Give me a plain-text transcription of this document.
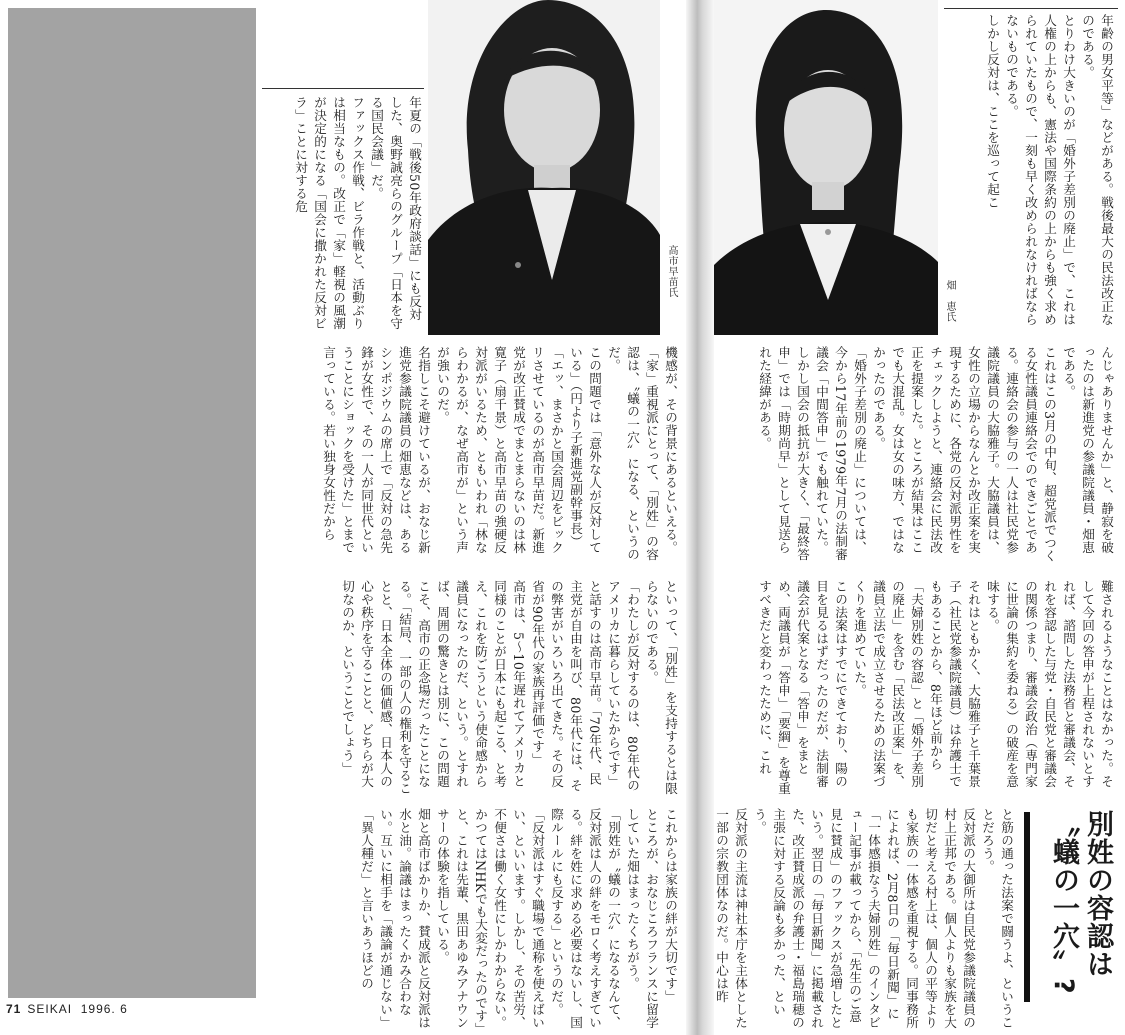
高市早苗氏
畑　恵氏	年齢の男女平等」などがある。戦後最大の民法改正なのである。
とりわけ大きいのが「婚外子差別の廃止」で、これは人権の上からも、憲法や国際条約の上からも強く求められていたもので、一刻も早く改められなければならないものである。
しかし反対は、ここを巡って起こ
んじゃありませんか」と、静寂を破ったのは新進党の参議院議員・畑恵である。
これはこの3月の中旬、超党派でつくる女性議員連絡会でのできごとである。連絡会の参与の一人は社民党参議院議員の大脇雅子。大脇議員は、女性の立場からなんとか改正案を実現するために、各党の反対派男性をチェックしようと、連絡会に民法改正を提案した。ところが結果はここでも大混乱。女は女の味方、ではなかったのである。
「婚外子差別の廃止」については、今から17年前の1979年7月の法制審議会「中間答申」でも触れていた。しかし国会の抵抗が大きく、「最終答申」では「時期尚早」として見送られた経緯がある。
難されるようなことはなかった。そして今回の答申が上程されないとすれば、諮問した法務省と審議会、それを容認した与党・自民党と審議会の関係つまり、審議会政治（専門家に世論の集約を委ねる）の破産を意味する。
それはともかく、大脇雅子と千葉景子（社民党参議院議員）は弁護士でもあることから、8年ほど前から「夫婦別姓の容認」と「婚外子差別の廃止」を含む「民法改正案」を、議員立法で成立させるための法案づくりを進めていた。
この法案はすでにできており、陽の目を見るはずだったのだが、法制審議会が代案となる「答申」をまとめ、両議員が「答申」「要綱」を尊重すべきだと変わったために、これ
と筋の通った法案で闘うよ、ということだろう。
反対派の大御所は自民党参議院議員の村上正邦である。個人よりも家族を大切だと考える村上は、個人の平等よりも家族の一体感を重視する。同事務所によれば、2月8日の「毎日新聞」に「一体感損なう夫婦別姓」のインタビュー記事が載ってから、「先生のご意見に賛成」のファックスが急増したという。翌日の「毎日新聞」に掲載された、改正賛成派の弁護士・福島瑞穂の主張に対する反論も多かった、という。
反対派の主流は神社本庁を主体とした一部の宗教団体なのだ。中心は昨	別姓の容認は〝蟻の一穴〟?
年夏の「戦後50年政府談話」にも反対した、奥野誠亮らのグループ「日本を守る国民会議」だ。
ファックス作戦、ビラ作戦と、活動ぶりは相当なもの。改正で「家」軽視の風潮が決定的になる「国会に撒かれた反対ビラ」ことに対する危
機感が、その背景にあるといえる。「家」重視派にとって、「別姓」の容認は、〝蟻の一穴〟になる、というのだ。
この問題では「意外な人が反対している」（円より子新進党副幹事長）「エッ、まさかと国会周辺をビックリさせているのが高市早苗だ。新進党が改正賛成でまとまらないのは林寛子（扇千景）と高市早苗の強硬反対派がいるため、ともいわれ「林ならわかるが、なぜ高市が」という声が強いのだ。
名指しこそ避けているが、おなじ新進党参議院議員の畑恵などは、あるシンポジウムの席上で「反対の急先鋒が女性で、その一人が同世代ということにショックを受けた」とまで言っている。若い独身女性だから
といって、「別姓」を支持するとは限らないのである。
「わたしが反対するのは、80年代のアメリカに暮らしていたからです」と話すのは高市早苗。「70年代、民主党が自由を叫び、80年代には、その弊害がいろいろ出てきた。その反省が90年代の家族再評価です」
高市は、5～10年遅れてアメリカと同様のことが日本にも起こる、と考え、これを防ごうという使命感から議員になったのだ、という。とすれば、周囲の驚きとは別に、この問題こそ、高市の正念場だったことになる。「結局、一部の人の権利を守ることと、日本全体の価値感、日本人の心や秩序を守ることと、どちらが大切なのか、ということでしょう」
これからは家族の絆が大切です」
ところが、おなじころフランスに留学していた畑はまったくちがう。
「別姓が〝蟻の一穴〟になるなんて、反対派は人の絆をモロく考えすぎている。絆を姓に求める必要はないし、国際ルールにも反する」というのだ。
「反対派はすぐ職場で通称を使えばいい、といいます。しかし、その苦労、不便さは働く女性にしかわからない。かつてはNHKでも大変だったのです」と、これは先輩、黒田あゆみアナウンサーの体験を指している。
畑と高市ばかりか、賛成派と反対派は水と油。論議はまったくかみ合わない。互いに相手を「議論が通じない」「異人種だ」と言いあうほどの
71 SEIKAI 1996. 6
